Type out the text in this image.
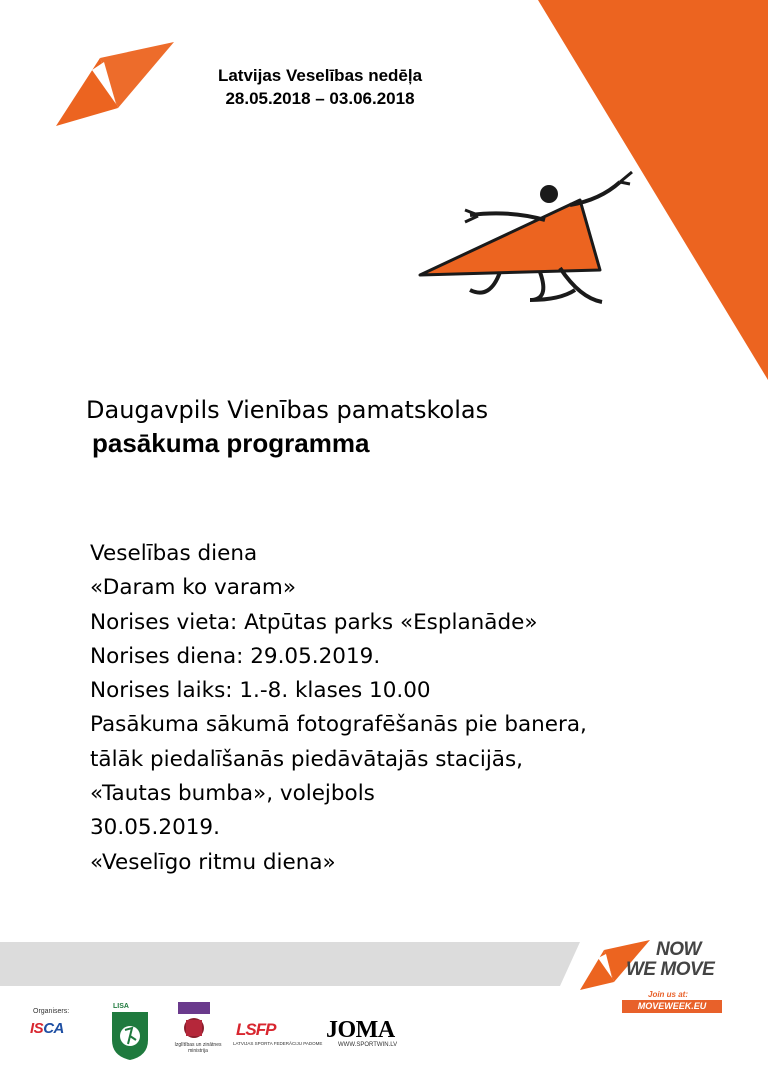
Latvijas Veselības nedēļa
28.05.2018 – 03.06.2018
Daugavpils Vienības pamatskolas
pasākuma programma
Veselības diena
«Daram ko varam»
Norises vieta: Atpūtas parks «Esplanāde»
Norises diena: 29.05.2019.
Norises laiks: 1.-8. klases 10.00
Pasākuma sākumā fotografēšanās pie banera,
tālāk piedalīšanās piedāvātajās stacijās,
«Tautas bumba», volejbols
30.05.2019.
«Veselīgo ritmu diena»
NOW
WE MOVE
Join us at:
MOVEWEEK.EU
Organisers:
ISCA
LISA
Izglītības un zinātnes ministrija
LSFP
LATVIJAS SPORTA FEDERĀCIJU PADOME
JOMA
WWW.SPORTWIN.LV
